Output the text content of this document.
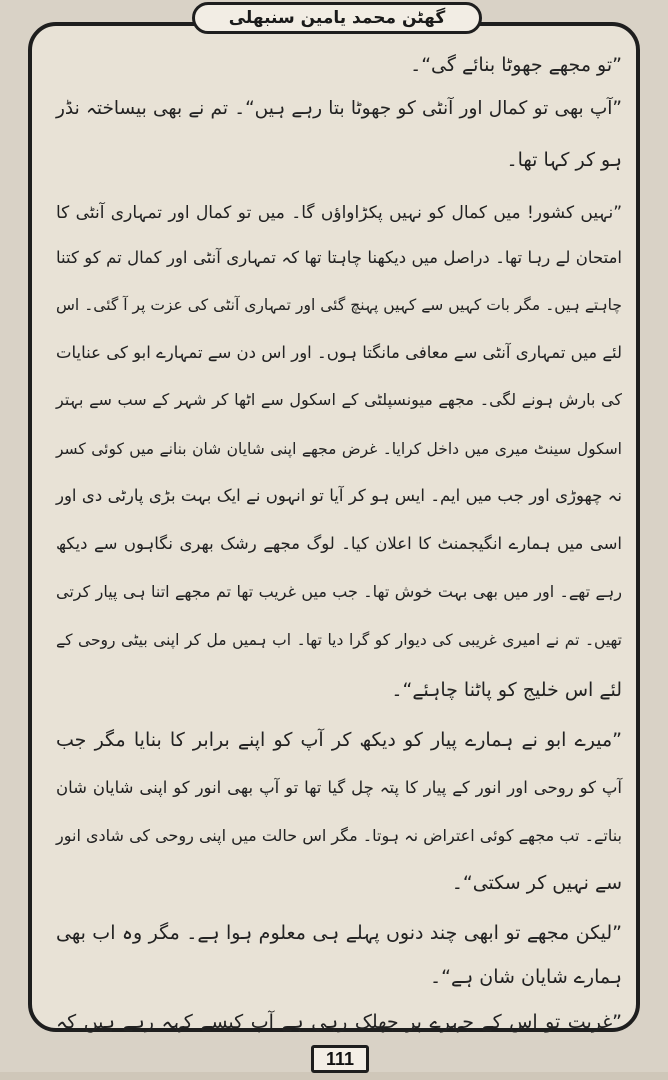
گھٹن محمد یامین سنبھلی
”تو مجھے جھوٹا بنائے گی“۔
”آپ بھی تو کمال اور آنٹی کو جھوٹا بتا رہے ہیں“۔ تم نے بھی بیساختہ نڈر
ہو کر کہا تھا۔
”نہیں کشور! میں کمال کو نہیں پکڑاواؤں گا۔ میں تو کمال اور تمہاری آنٹی کا
امتحان لے رہا تھا۔ دراصل میں دیکھنا چاہتا تھا کہ تمہاری آنٹی اور کمال تم کو کتنا
چاہتے ہیں۔ مگر بات کہیں سے کہیں پہنچ گئی اور تمہاری آنٹی کی عزت پر آ گئی۔ اس
لئے میں تمہاری آنٹی سے معافی مانگتا ہوں۔ اور اس دن سے تمہارے ابو کی عنایات
کی بارش ہونے لگی۔ مجھے میونسپلٹی کے اسکول سے اٹھا کر شہر کے سب سے بہتر
اسکول سینٹ میری میں داخل کرایا۔ غرض مجھے اپنی شایان شان بنانے میں کوئی کسر
نہ چھوڑی اور جب میں ایم۔ ایس ہو کر آیا تو انہوں نے ایک بہت بڑی پارٹی دی اور
اسی میں ہمارے انگیجمنٹ کا اعلان کیا۔ لوگ مجھے رشک بھری نگاہوں سے دیکھ
رہے تھے۔ اور میں بھی بہت خوش تھا۔ جب میں غریب تھا تم مجھے اتنا ہی پیار کرتی
تھیں۔ تم نے امیری غریبی کی دیوار کو گرا دیا تھا۔ اب ہمیں مل کر اپنی بیٹی روحی کے
لئے اس خلیج کو پاٹنا چاہئے“۔
”میرے ابو نے ہمارے پیار کو دیکھ کر آپ کو اپنے برابر کا بنایا مگر جب
آپ کو روحی اور انور کے پیار کا پتہ چل گیا تھا تو آپ بھی انور کو اپنی شایان شان
بناتے۔ تب مجھے کوئی اعتراض نہ ہوتا۔ مگر اس حالت میں اپنی روحی کی شادی انور
سے نہیں کر سکتی“۔
”لیکن مجھے تو ابھی چند دنوں پہلے ہی معلوم ہوا ہے۔ مگر وہ اب بھی
ہمارے شایان شان ہے“۔
”غربت تو اس کے چہرے پر جھلک رہی ہے آپ کیسے کہہ رہے ہیں کہ
111
